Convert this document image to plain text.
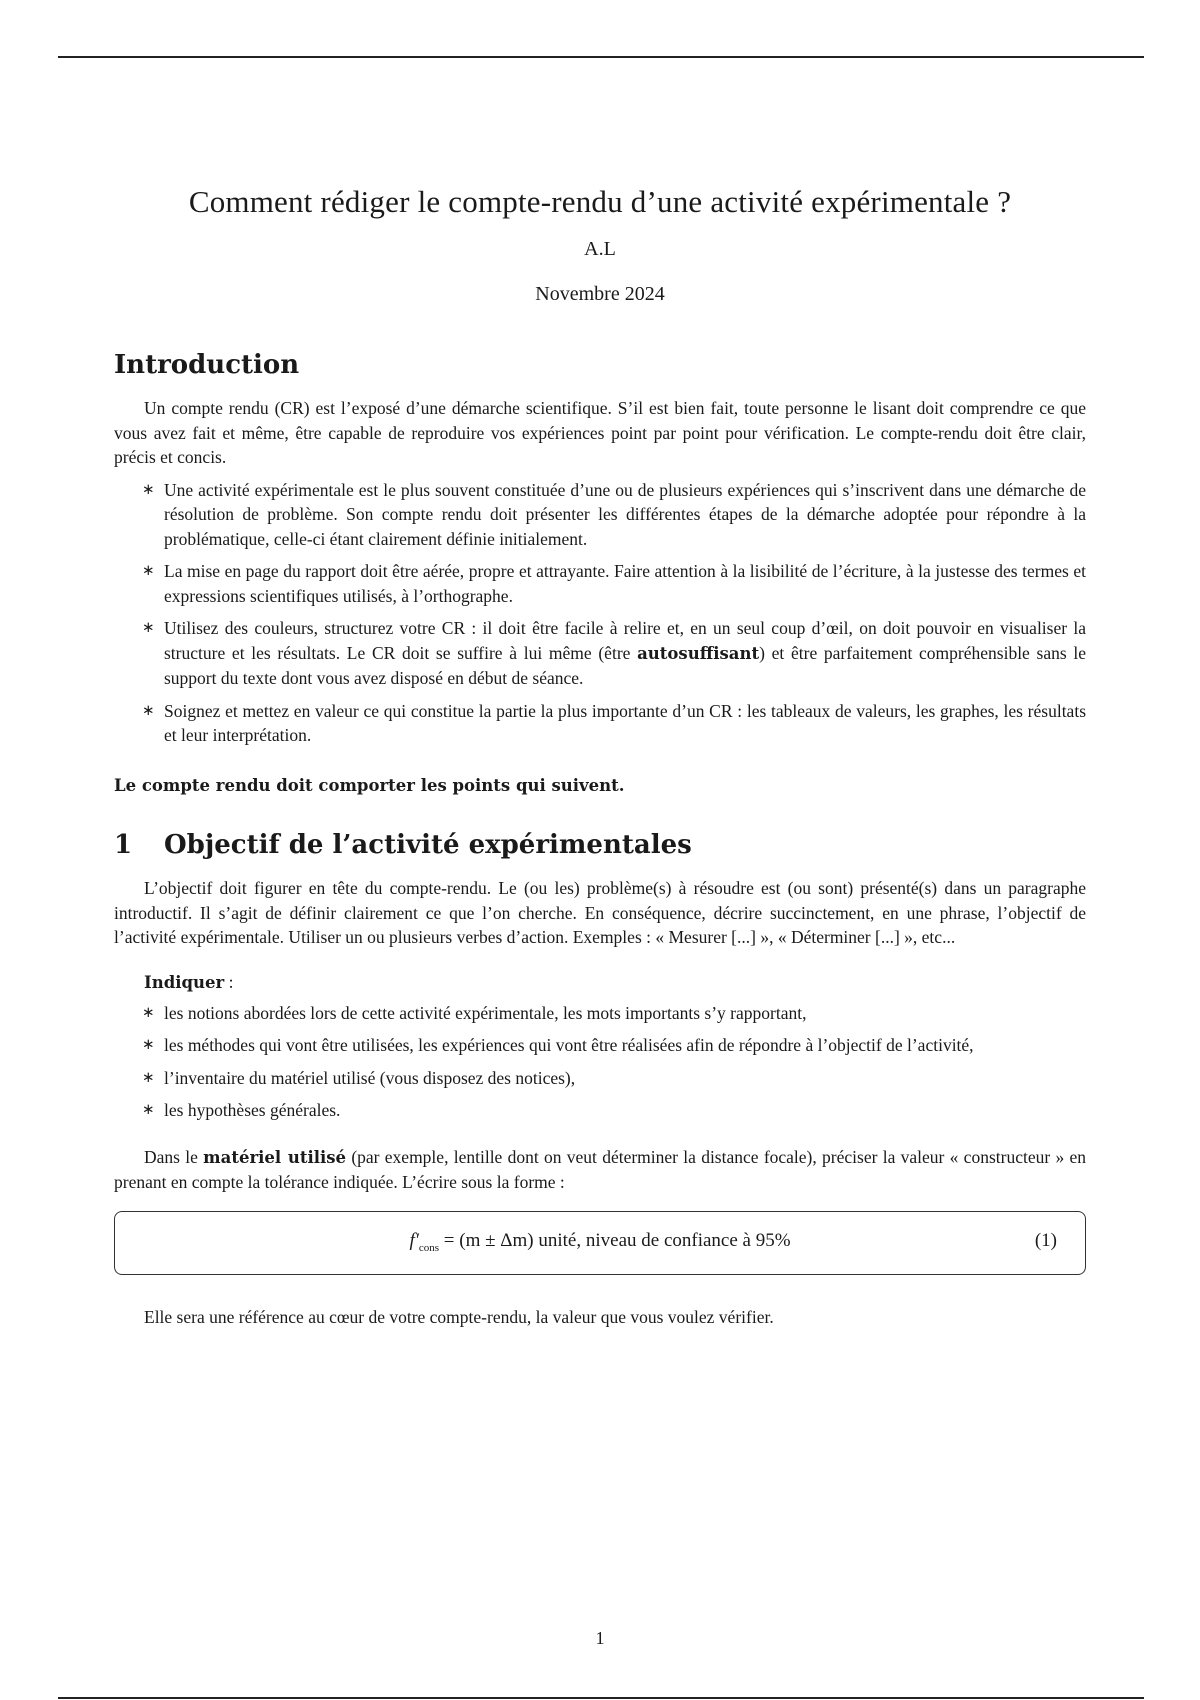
Comment rédiger le compte-rendu d’une activité expérimentale ?
A.L
Novembre 2024
Introduction

Un compte rendu (CR) est l’exposé d’une démarche scientifique. S’il est bien fait, toute personne le lisant doit comprendre ce que vous avez fait et même, être capable de reproduire vos expériences point par point pour vérification. Le compte-rendu doit être clair, précis et concis.

∗ Une activité expérimentale est le plus souvent constituée d’une ou de plusieurs expériences qui s’inscrivent dans une démarche de résolution de problème. Son compte rendu doit présenter les différentes étapes de la démarche adoptée pour répondre à la problématique, celle-ci étant clairement définie initialement.
∗ La mise en page du rapport doit être aérée, propre et attrayante. Faire attention à la lisibilité de l’écriture, à la justesse des termes et expressions scientifiques utilisés, à l’orthographe.
∗ Utilisez des couleurs, structurez votre CR : il doit être facile à relire et, en un seul coup d’œil, on doit pouvoir en visualiser la structure et les résultats. Le CR doit se suffire à lui même (être autosuffisant) et être parfaitement compréhensible sans le support du texte dont vous avez disposé en début de séance.
∗ Soignez et mettez en valeur ce qui constitue la partie la plus importante d’un CR : les tableaux de valeurs, les graphes, les résultats et leur interprétation.

Le compte rendu doit comporter les points qui suivent.

1 Objectif de l’activité expérimentales

L’objectif doit figurer en tête du compte-rendu. Le (ou les) problème(s) à résoudre est (ou sont) présenté(s) dans un paragraphe introductif. Il s’agit de définir clairement ce que l’on cherche. En conséquence, décrire succinctement, en une phrase, l’objectif de l’activité expérimentale. Utiliser un ou plusieurs verbes d’action. Exemples : « Mesurer [...] », « Déterminer [...] », etc...

Indiquer :
∗ les notions abordées lors de cette activité expérimentale, les mots importants s’y rapportant,
∗ les méthodes qui vont être utilisées, les expériences qui vont être réalisées afin de répondre à l’objectif de l’activité,
∗ l’inventaire du matériel utilisé (vous disposez des notices),
∗ les hypothèses générales.

Dans le matériel utilisé (par exemple, lentille dont on veut déterminer la distance focale), préciser la valeur « constructeur » en prenant en compte la tolérance indiquée. L’écrire sous la forme :

$f'_{cons} = (m \pm \Delta m)$ unité, niveau de confiance à 95%	(1)

Elle sera une référence au cœur de votre compte-rendu, la valeur que vous voulez vérifier.

1
